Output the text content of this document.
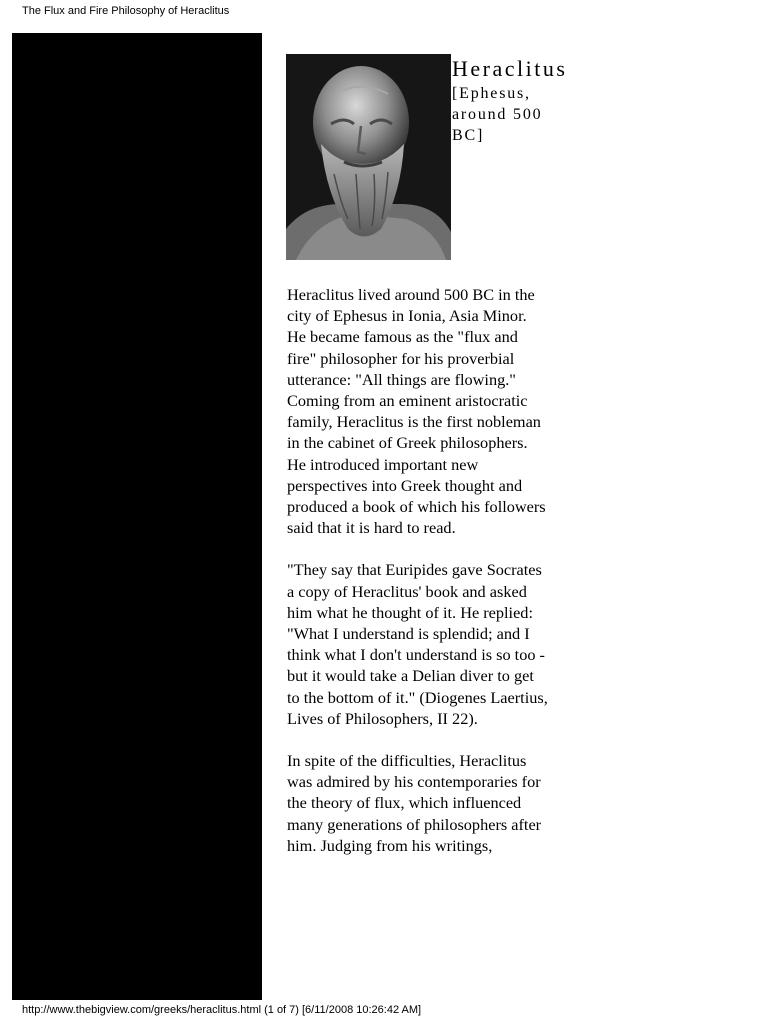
The Flux and Fire Philosophy of Heraclitus
Heraclitus

[Ephesus, around 500 BC]

Heraclitus lived around 500 BC in the city of Ephesus in Ionia, Asia Minor. He became famous as the "flux and fire" philosopher for his proverbial utterance: "All things are flowing." Coming from an eminent aristocratic family, Heraclitus is the first nobleman in the cabinet of Greek philosophers. He introduced important new perspectives into Greek thought and produced a book of which his followers said that it is hard to read.

"They say that Euripides gave Socrates a copy of Heraclitus' book and asked him what he thought of it. He replied: "What I understand is splendid; and I think what I don't understand is so too - but it would take a Delian diver to get to the bottom of it." (Diogenes Laertius, Lives of Philosophers, II 22).

In spite of the difficulties, Heraclitus was admired by his contemporaries for the theory of flux, which influenced many generations of philosophers after him. Judging from his writings,

http://www.thebigview.com/greeks/heraclitus.html (1 of 7) [6/11/2008 10:26:42 AM]
